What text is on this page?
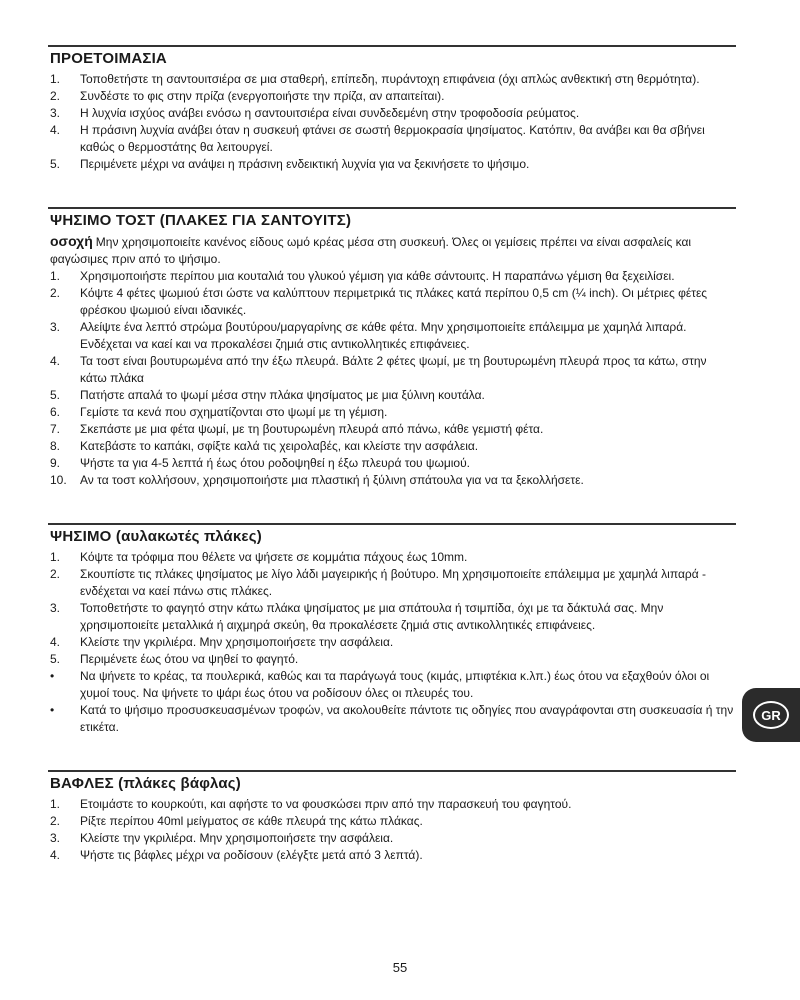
ΠΡΟΕΤΟΙΜΑΣΙΑ
1. Τοποθετήστε τη σαντουιτσιέρα σε μια σταθερή, επίπεδη, πυράντοχη επιφάνεια (όχι απλώς ανθεκτική στη θερμότητα).
2. Συνδέστε το φις στην πρίζα (ενεργοποιήστε την πρίζα, αν απαιτείται).
3. Η λυχνία ισχύος ανάβει ενόσω η σαντουιτσιέρα είναι συνδεδεμένη στην τροφοδοσία ρεύματος.
4. Η πράσινη λυχνία ανάβει όταν η συσκευή φτάνει σε σωστή θερμοκρασία ψησίματος. Κατόπιν, θα ανάβει και θα σβήνει καθώς ο θερμοστάτης θα λειτουργεί.
5. Περιμένετε μέχρι να ανάψει η πράσινη ενδεικτική λυχνία για να ξεκινήσετε το ψήσιμο.
ΨΗΣΙΜΟ ΤΟΣΤ (ΠΛΑΚΕΣ ΓΙΑ ΣΑΝΤΟΥΙΤΣ)

οσοχή Μην χρησιμοποιείτε κανένος είδους ωμό κρέας μέσα στη συσκευή. Όλες οι γεμίσεις πρέπει να είναι ασφαλείς και φαγώσιμες πριν από το ψήσιμο.

1. Χρησιμοποιήστε περίπου μια κουταλιά του γλυκού γέμιση για κάθε σάντουιτς. Η παραπάνω γέμιση θα ξεχειλίσει.
2. Κόψτε 4 φέτες ψωμιού έτσι ώστε να καλύπτουν περιμετρικά τις πλάκες κατά περίπου 0,5 cm (¼ inch). Οι μέτριες φέτες φρέσκου ψωμιού είναι ιδανικές.
3. Αλείψτε ένα λεπτό στρώμα βουτύρου/μαργαρίνης σε κάθε φέτα. Μην χρησιμοποιείτε επάλειμμα με χαμηλά λιπαρά. Ενδέχεται να καεί και να προκαλέσει ζημιά στις αντικολλητικές επιφάνειες.
4. Τα τοστ είναι βουτυρωμένα από την έξω πλευρά. Βάλτε 2 φέτες ψωμί, με τη βουτυρωμένη πλευρά προς τα κάτω, στην κάτω πλάκα
5. Πατήστε απαλά το ψωμί μέσα στην πλάκα ψησίματος με μια ξύλινη κουτάλα.
6. Γεμίστε τα κενά που σχηματίζονται στο ψωμί με τη γέμιση.
7. Σκεπάστε με μια φέτα ψωμί, με τη βουτυρωμένη πλευρά από πάνω, κάθε γεμιστή φέτα.
8. Κατεβάστε το καπάκι, σφίξτε καλά τις χειρολαβές, και κλείστε την ασφάλεια.
9. Ψήστε τα για 4-5 λεπτά ή έως ότου ροδοψηθεί η έξω πλευρά του ψωμιού.
10. Αν τα τοστ κολλήσουν, χρησιμοποιήστε μια πλαστική ή ξύλινη σπάτουλα για να τα ξεκολλήσετε.
ΨΗΣΙΜΟ (αυλακωτές πλάκες)
1. Κόψτε τα τρόφιμα που θέλετε να ψήσετε σε κομμάτια πάχους έως 10mm.
2. Σκουπίστε τις πλάκες ψησίματος με λίγο λάδι μαγειρικής ή βούτυρο. Μη χρησιμοποιείτε επάλειμμα με χαμηλά λιπαρά - ενδέχεται να καεί πάνω στις πλάκες.
3. Τοποθετήστε το φαγητό στην κάτω πλάκα ψησίματος με μια σπάτουλα ή τσιμπίδα, όχι με τα δάκτυλά σας. Μην χρησιμοποιείτε μεταλλικά ή αιχμηρά σκεύη, θα προκαλέσετε ζημιά στις αντικολλητικές επιφάνειες.
4. Κλείστε την γκριλιέρα. Μην χρησιμοποιήσετε την ασφάλεια.
5. Περιμένετε έως ότου να ψηθεί το φαγητό.
• Να ψήνετε το κρέας, τα πουλερικά, καθώς και τα παράγωγά τους (κιμάς, μπιφτέκια κ.λπ.) έως ότου να εξαχθούν όλοι οι χυμοί τους. Να ψήνετε το ψάρι έως ότου να ροδίσουν όλες οι πλευρές του.
• Κατά το ψήσιμο προσυσκευασμένων τροφών, να ακολουθείτε πάντοτε τις οδηγίες που αναγράφονται στη συσκευασία ή την ετικέτα.
ΒΑΦΛΕΣ (πλάκες βάφλας)
1. Ετοιμάστε το κουρκούτι, και αφήστε το να φουσκώσει πριν από την παρασκευή του φαγητού.
2. Ρίξτε περίπου 40ml μείγματος σε κάθε πλευρά της κάτω πλάκας.
3. Κλείστε την γκριλιέρα. Μην χρησιμοποιήσετε την ασφάλεια.
4. Ψήστε τις βάφλες μέχρι να ροδίσουν (ελέγξτε μετά από 3 λεπτά).
GR
55
